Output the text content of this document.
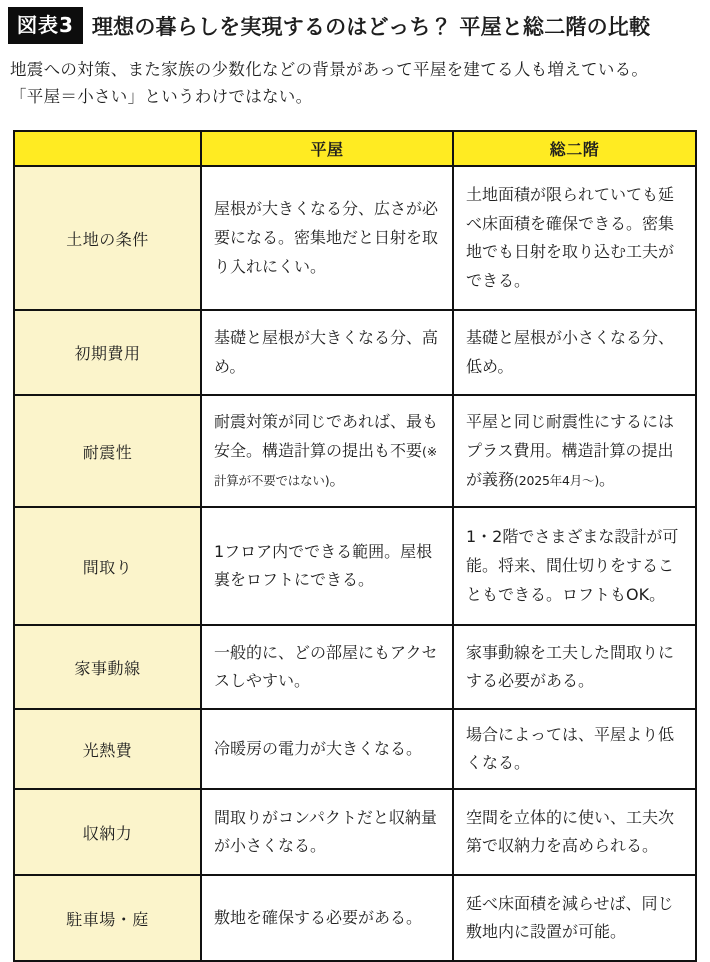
図表3 理想の暮らしを実現するのはどっち？ 平屋と総二階の比較

地震への対策、また家族の少数化などの背景があって平屋を建てる人も増えている。
「平屋＝小さい」というわけではない。

	平屋	総二階
土地の条件	屋根が大きくなる分、広さが必要になる。密集地だと日射を取り入れにくい。	土地面積が限られていても延べ床面積を確保できる。密集地でも日射を取り込む工夫ができる。
初期費用	基礎と屋根が大きくなる分、高め。	基礎と屋根が小さくなる分、低め。
耐震性	耐震対策が同じであれば、最も安全。構造計算の提出も不要(※計算が不要ではない)。	平屋と同じ耐震性にするにはプラス費用。構造計算の提出が義務(2025年4月～)。
間取り	1フロア内でできる範囲。屋根裏をロフトにできる。	1・2階でさまざまな設計が可能。将来、間仕切りをすることもできる。ロフトもOK。
家事動線	一般的に、どの部屋にもアクセスしやすい。	家事動線を工夫した間取りにする必要がある。
光熱費	冷暖房の電力が大きくなる。	場合によっては、平屋より低くなる。
収納力	間取りがコンパクトだと収納量が小さくなる。	空間を立体的に使い、工夫次第で収納力を高められる。
駐車場・庭	敷地を確保する必要がある。	延べ床面積を減らせば、同じ敷地内に設置が可能。
